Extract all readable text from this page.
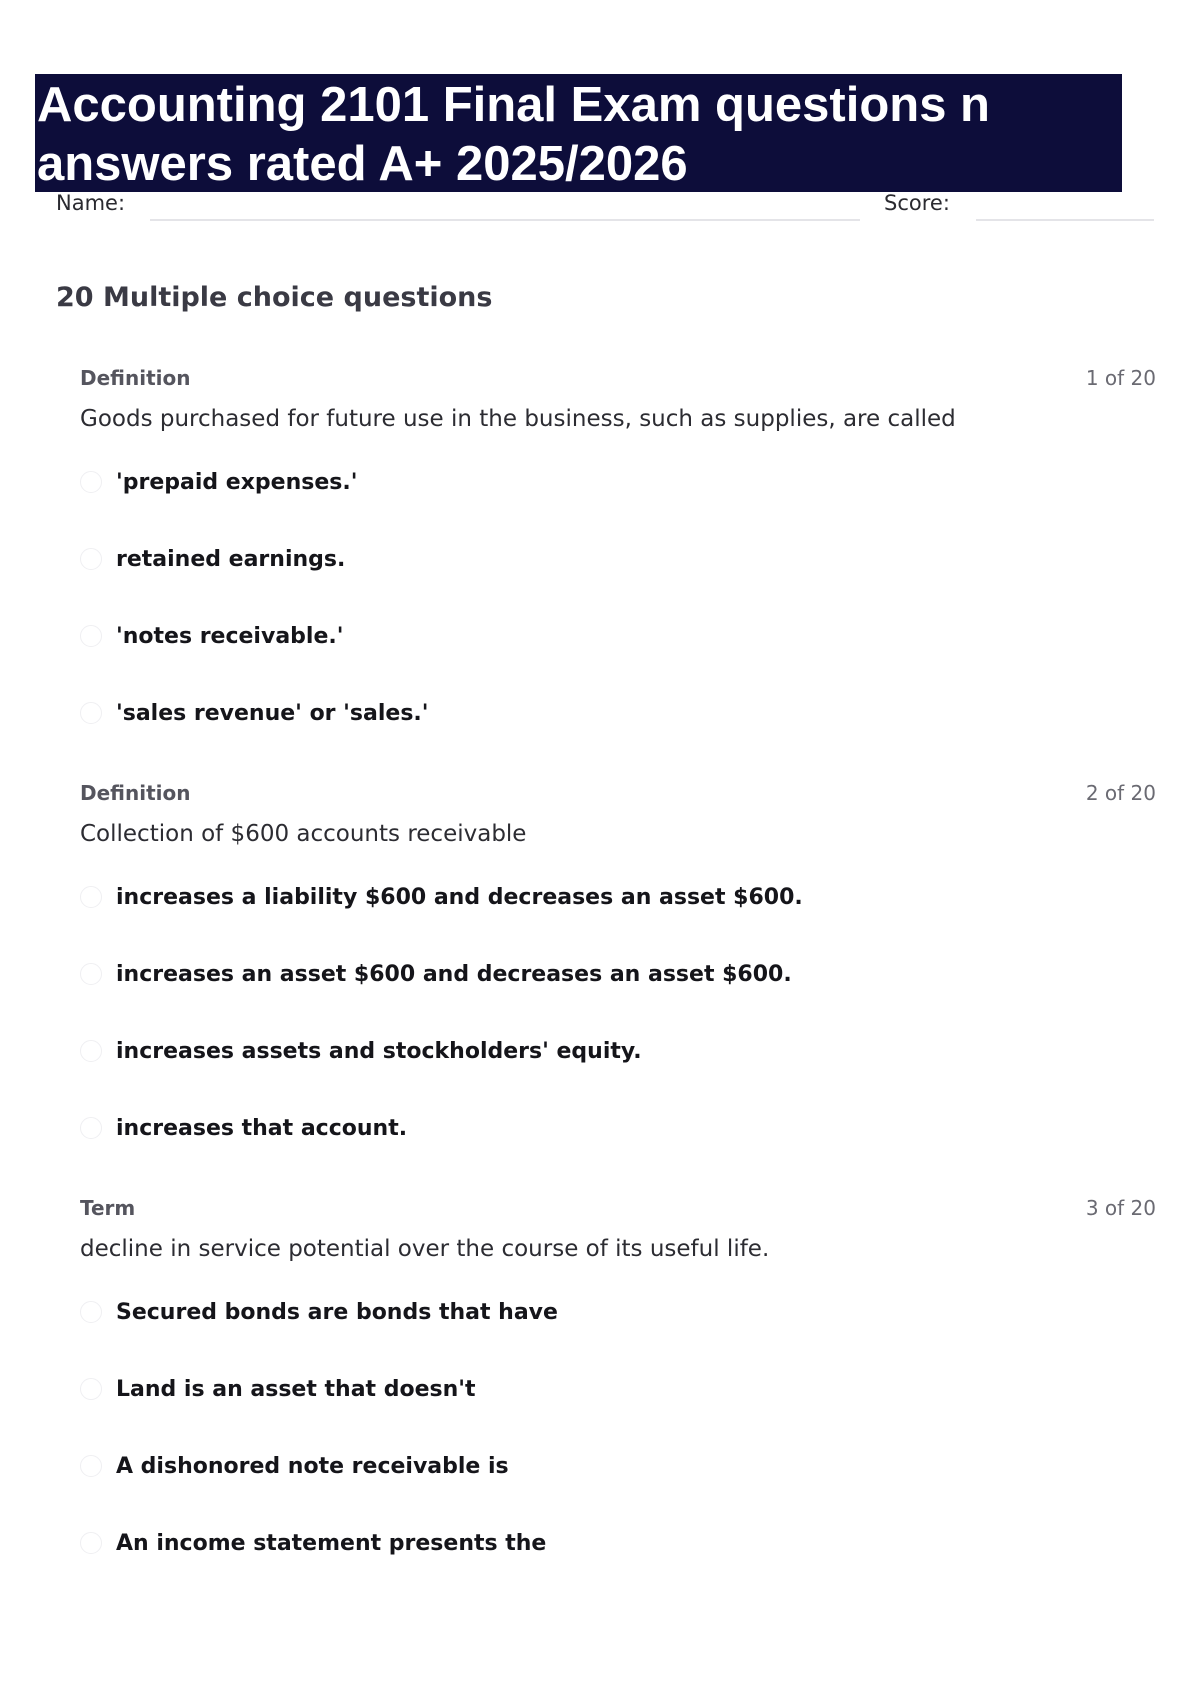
Accounting 2101 Final Exam questions n answers rated A+ 2025/2026
Name:	Score:
20 Multiple choice questions
Definition	1 of 20
Goods purchased for future use in the business, such as supplies, are called
'prepaid expenses.'
retained earnings.
'notes receivable.'
'sales revenue' or 'sales.'
Definition	2 of 20
Collection of $600 accounts receivable
increases a liability $600 and decreases an asset $600.
increases an asset $600 and decreases an asset $600.
increases assets and stockholders' equity.
increases that account.
Term	3 of 20
decline in service potential over the course of its useful life.
Secured bonds are bonds that have
Land is an asset that doesn't
A dishonored note receivable is
An income statement presents the
